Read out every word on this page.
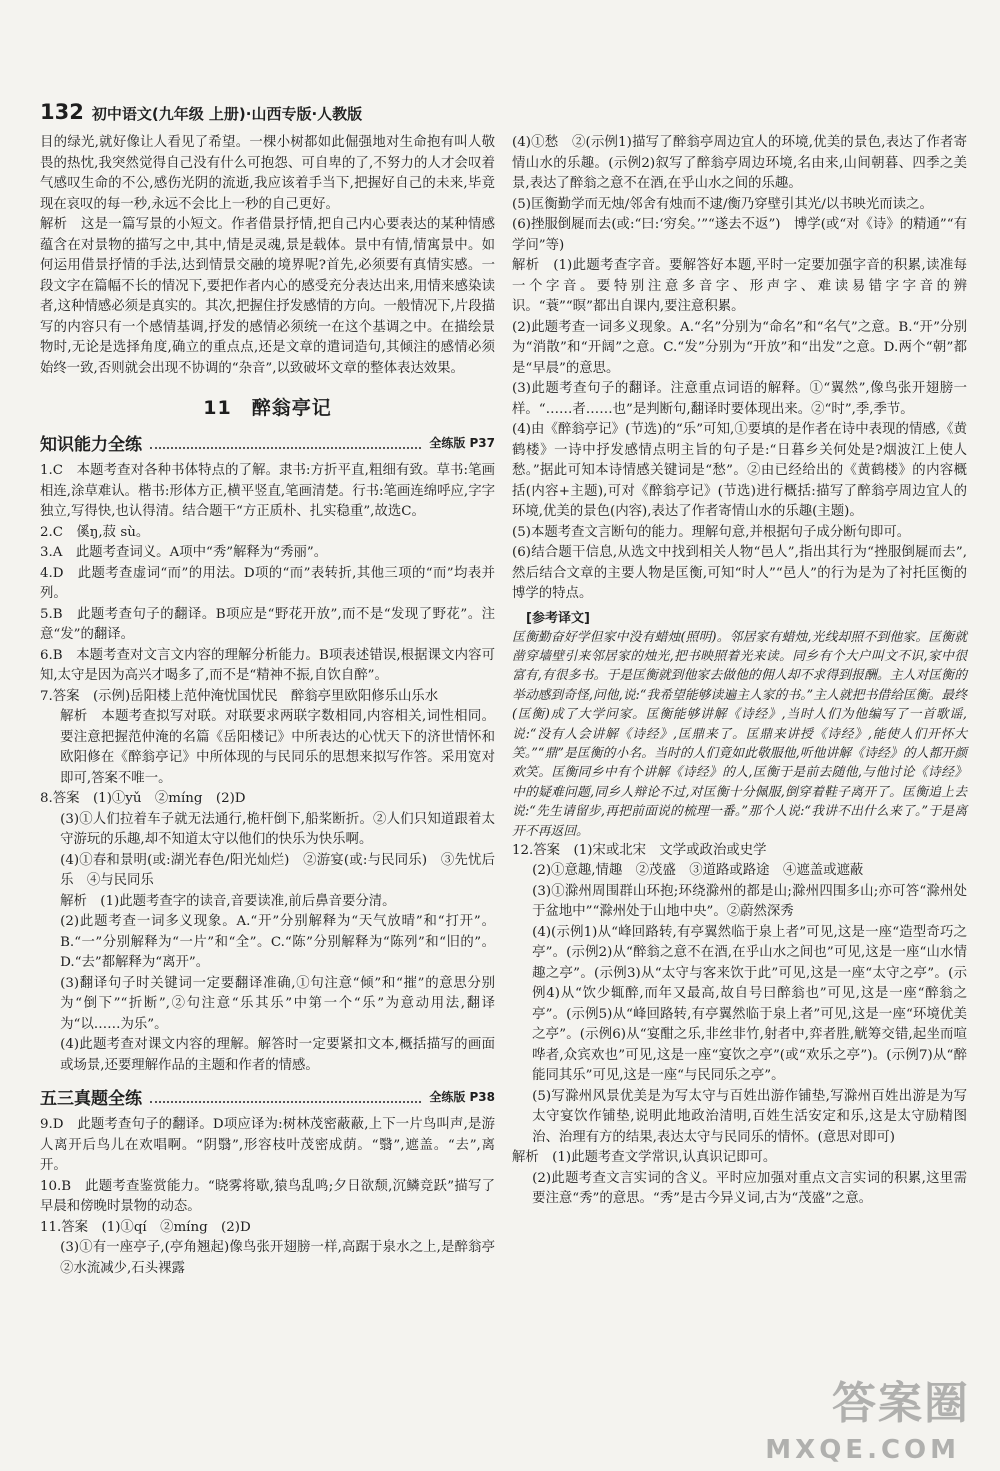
132 初中语文(九年级 上册)·山西专版·人教版

目的绿光,就好像让人看见了希望。一棵小树都如此倔强地对生命抱有叫人敬畏的热忱,我突然觉得自己没有什么可抱怨、可自卑的了,不努力的人才会叹着气感叹生命的不公,感伤光阴的流逝,我应该着手当下,把握好自己的未来,毕竟现在哀叹的每一秒,永远不会比上一秒的自己更好。

解析　这是一篇写景的小短文。作者借景抒情,把自己内心要表达的某种情感蕴含在对景物的描写之中,其中,情是灵魂,景是载体。景中有情,情寓景中。如何运用借景抒情的手法,达到情景交融的境界呢?首先,必须要有真情实感。一段文字在篇幅不长的情况下,要把作者内心的感受充分表达出来,用情来感染读者,这种情感必须是真实的。其次,把握住抒发感情的方向。一般情况下,片段描写的内容只有一个感情基调,抒发的感情必须统一在这个基调之中。在描绘景物时,无论是选择角度,确立的重点点,还是文章的遣词造句,其倾注的感情必须始终一致,否则就会出现不协调的“杂音”,以致破坏文章的整体表达效果。

11　醉翁亭记
知识能力全练	全练版 P37

1.C　本题考查对各种书体特点的了解。隶书:方折平直,粗细有致。草书:笔画相连,涂草难认。楷书:形体方正,横平竖直,笔画清楚。行书:笔画连绵呼应,字字独立,写得快,也认得清。结合题干“方正质朴、扎实稳重”,故选C。

2.C　傒ŋ,菽 sù。

3.A　此题考查词义。A项中“秀”解释为“秀丽”。

4.D　此题考查虚词“而”的用法。D项的“而”表转折,其他三项的“而”均表并列。

5.B　此题考查句子的翻译。B项应是“野花开放”,而不是“发现了野花”。注意“发”的翻译。

6.B　本题考查对文言文内容的理解分析能力。B项表述错误,根据课文内容可知,太守是因为高兴才喝多了,而不是“精神不振,自饮自醉”。

7.答案　(示例)岳阳楼上范仲淹忧国忧民　醉翁亭里欧阳修乐山乐水

解析　本题考查拟写对联。对联要求两联字数相同,内容相关,词性相同。要注意把握范仲淹的名篇《岳阳楼记》中所表达的心忧天下的济世情怀和欧阳修在《醉翁亭记》中所体现的与民同乐的思想来拟写作答。采用宽对即可,答案不唯一。

8.答案　(1)①yǔ　②míng　(2)D

(3)①人们拉着车子就无法通行,桅杆倒下,船桨断折。②人们只知道跟着太守游玩的乐趣,却不知道太守以他们的快乐为快乐啊。

(4)①春和景明(或:湖光春色/阳光灿烂)　②游宴(或:与民同乐)　③先忧后乐　④与民同乐

解析　(1)此题考查字的读音,音要读准,前后鼻音要分清。

(2)此题考查一词多义现象。A.“开”分别解释为“天气放晴”和“打开”。B.“一”分别解释为“一片”和“全”。C.“陈”分别解释为“陈列”和“旧的”。D.“去”都解释为“离开”。

(3)翻译句子时关键词一定要翻译准确,①句注意“倾”和“摧”的意思分别为“倒下”“折断”,②句注意“乐其乐”中第一个“乐”为意动用法,翻译为“以……为乐”。

(4)此题考查对课文内容的理解。解答时一定要紧扣文本,概括描写的画面或场景,还要理解作品的主题和作者的情感。

五三真题全练	全练版 P38

9.D　此题考查句子的翻译。D项应译为:树林茂密蔽蔽,上下一片鸟叫声,是游人离开后鸟儿在欢唱啊。“阴翳”,形容枝叶茂密成荫。“翳”,遮盖。“去”,离开。

10.B　此题考查鉴赏能力。“晓雾将歇,猿鸟乱鸣;夕日欲颓,沉鳞竞跃”描写了早晨和傍晚时景物的动态。

11.答案　(1)①qí　②míng　(2)D

(3)①有一座亭子,(亭角翘起)像鸟张开翅膀一样,高踞于泉水之上,是醉翁亭　②水流减少,石头裸露

(4)①愁　②(示例1)描写了醉翁亭周边宜人的环境,优美的景色,表达了作者寄情山水的乐趣。(示例2)叙写了醉翁亭周边环境,名由来,山间朝暮、四季之美景,表达了醉翁之意不在酒,在乎山水之间的乐趣。

(5)匡衡勤学而无烛/邻舍有烛而不逮/衡乃穿壁引其光/以书映光而读之。

(6)挫服倒屣而去(或:“曰:‘穷矣。’”“遂去不返”)　博学(或“对《诗》的精通”“有学问”等)

解析　(1)此题考查字音。要解答好本题,平时一定要加强字音的积累,读准每一个字音。要特别注意多音字、形声字、难读易错字字音的辨识。“蓑”“暝”都出自课内,要注意积累。

(2)此题考查一词多义现象。A.“名”分别为“命名”和“名气”之意。B.“开”分别为“消散”和“开阔”之意。C.“发”分别为“开放”和“出发”之意。D.两个“朝”都是“早晨”的意思。

(3)此题考查句子的翻译。注意重点词语的解释。①“翼然”,像鸟张开翅膀一样。“……者……也”是判断句,翻译时要体现出来。②“时”,季,季节。

(4)由《醉翁亭记》(节选)的“乐”可知,①要填的是作者在诗中表现的情感,《黄鹤楼》一诗中抒发感情点明主旨的句子是:“日暮乡关何处是?烟波江上使人愁。”据此可知本诗情感关键词是“愁”。②由已经给出的《黄鹤楼》的内容概括(内容+主题),可对《醉翁亭记》(节选)进行概括:描写了醉翁亭周边宜人的环境,优美的景色(内容),表达了作者寄情山水的乐趣(主题)。

(5)本题考查文言断句的能力。理解句意,并根据句子成分断句即可。

(6)结合题干信息,从选文中找到相关人物“邑人”,指出其行为“挫服倒屣而去”,然后结合文章的主要人物是匡衡,可知“时人”“邑人”的行为是为了衬托匡衡的博学的特点。

[参考译文]

匡衡勤奋好学但家中没有蜡烛(照明)。邻居家有蜡烛,光线却照不到他家。匡衡就凿穿墙壁引来邻居家的烛光,把书映照着光来读。同乡有个大户叫文不识,家中很富有,有很多书。于是匡衡就到他家去做他的佣人却不求得到报酬。主人对匡衡的举动感到奇怪,问他,说:“我希望能够读遍主人家的书。”主人就把书借给匡衡。最终(匡衡)成了大学问家。匡衡能够讲解《诗经》,当时人们为他编写了一首歌谣,说:“没有人会讲解《诗经》,匡鼎来了。匡鼎来讲授《诗经》,能使人们开怀大笑。”“鼎”是匡衡的小名。当时的人们竟如此敬服他,听他讲解《诗经》的人都开颜欢笑。匡衡同乡中有个讲解《诗经》的人,匡衡于是前去随他,与他讨论《诗经》中的疑难问题,同乡人辩论不过,对匡衡十分佩服,倒穿着鞋子离开了。匡衡追上去说:“先生请留步,再把前面说的梳理一番。”那个人说:“我讲不出什么来了。”于是离开不再返回。

12.答案　(1)宋或北宋　文学或政治或史学

(2)①意趣,情趣　②茂盛　③道路或路途　④遮盖或遮蔽

(3)①滁州周围群山环抱;环绕滁州的都是山;滁州四围多山;亦可答“滁州处于盆地中”“滁州处于山地中央”。②蔚然深秀

(4)(示例1)从“峰回路转,有亭翼然临于泉上者”可见,这是一座“造型奇巧之亭”。(示例2)从“醉翁之意不在酒,在乎山水之间也”可见,这是一座“山水情趣之亭”。(示例3)从“太守与客来饮于此”可见,这是一座“太守之亭”。(示例4)从“饮少辄醉,而年又最高,故自号曰醉翁也”可见,这是一座“醉翁之亭”。(示例5)从“峰回路转,有亭翼然临于泉上者”可见,这是一座“环境优美之亭”。(示例6)从“宴酣之乐,非丝非竹,射者中,弈者胜,觥筹交错,起坐而喧哗者,众宾欢也”可见,这是一座“宴饮之亭”(或“欢乐之亭”)。(示例7)从“醉能同其乐”可见,这是一座“与民同乐之亭”。

(5)写滁州风景优美是为写太守与百姓出游作铺垫,写滁州百姓出游是为写太守宴饮作铺垫,说明此地政治清明,百姓生活安定和乐,这是太守励精图治、治理有方的结果,表达太守与民同乐的情怀。(意思对即可)

解析　(1)此题考查文学常识,认真识记即可。

(2)此题考查文言实词的含义。平时应加强对重点文言实词的积累,这里需要注意“秀”的意思。“秀”是古今异义词,古为“茂盛”之意。

答案圈
MXQE.COM
